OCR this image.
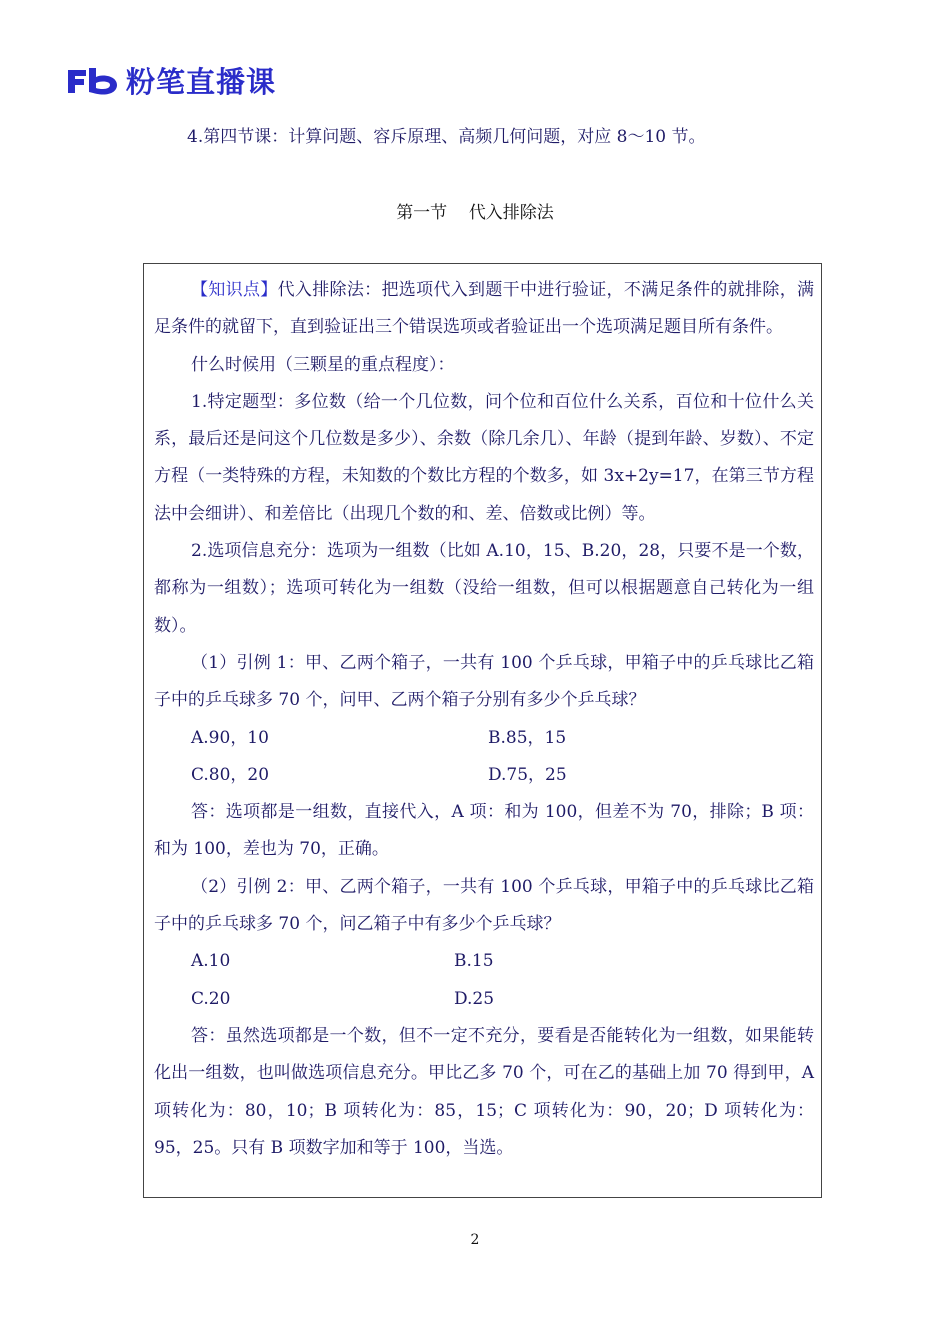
粉笔直播课
4.第四节课：计算问题、容斥原理、高频几何问题，对应 8～10 节。
第一节 代入排除法

【知识点】代入排除法：把选项代入到题干中进行验证，不满足条件的就排除，满足条件的就留下，直到验证出三个错误选项或者验证出一个选项满足题目所有条件。

什么时候用（三颗星的重点程度）：

1.特定题型：多位数（给一个几位数，问个位和百位什么关系，百位和十位什么关系，最后还是问这个几位数是多少）、余数（除几余几）、年龄（提到年龄、岁数）、不定方程（一类特殊的方程，未知数的个数比方程的个数多，如 3x+2y=17，在第三节方程法中会细讲）、和差倍比（出现几个数的和、差、倍数或比例）等。

2.选项信息充分：选项为一组数（比如 A.10，15、B.20，28，只要不是一个数，都称为一组数）；选项可转化为一组数（没给一组数，但可以根据题意自己转化为一组数）。

（1）引例 1：甲、乙两个箱子，一共有 100 个乒乓球，甲箱子中的乒乓球比乙箱子中的乒乓球多 70 个，问甲、乙两个箱子分别有多少个乒乓球？

A.90，10	B.85，15
C.80，20	D.75，25

答：选项都是一组数，直接代入，A 项：和为 100，但差不为 70，排除；B 项：和为 100，差也为 70，正确。

（2）引例 2：甲、乙两个箱子，一共有 100 个乒乓球，甲箱子中的乒乓球比乙箱子中的乒乓球多 70 个，问乙箱子中有多少个乒乓球？

A.10	B.15
C.20	D.25

答：虽然选项都是一个数，但不一定不充分，要看是否能转化为一组数，如果能转化出一组数，也叫做选项信息充分。甲比乙多 70 个，可在乙的基础上加 70 得到甲，A 项转化为：80，10；B 项转化为：85，15；C 项转化为：90，20；D 项转化为：95，25。只有 B 项数字加和等于 100，当选。

2
